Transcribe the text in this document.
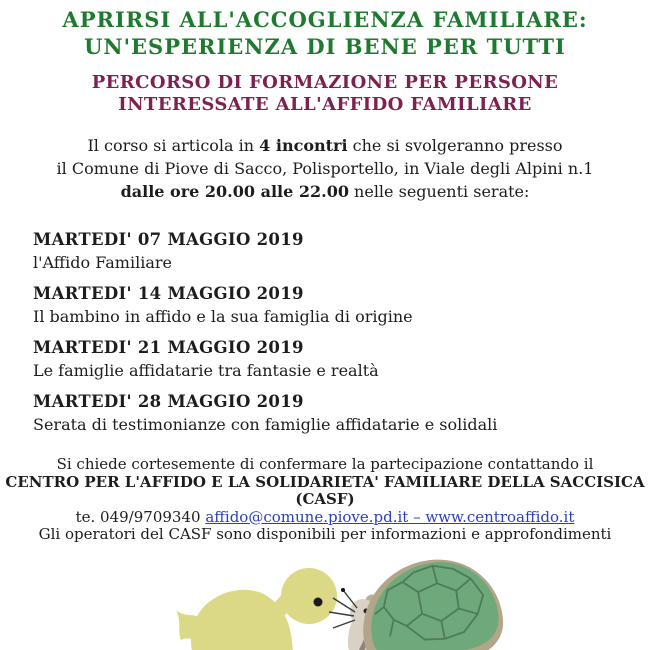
APRIRSI ALL'ACCOGLIENZA FAMILIARE:
UN'ESPERIENZA DI BENE PER TUTTI
PERCORSO DI FORMAZIONE PER PERSONE
INTERESSATE ALL'AFFIDO FAMILIARE

Il corso si articola in 4 incontri che si svolgeranno presso
il Comune di Piove di Sacco, Polisportello, in Viale degli Alpini n.1
dalle ore 20.00 alle 22.00 nelle seguenti serate:

MARTEDI' 07 MAGGIO 2019
l'Affido Familiare
MARTEDI' 14 MAGGIO 2019
Il bambino in affido e la sua famiglia di origine
MARTEDI' 21 MAGGIO 2019
Le famiglie affidatarie tra fantasie e realtà
MARTEDI' 28 MAGGIO 2019
Serata di testimonianze con famiglie affidatarie e solidali
Si chiede cortesemente di confermare la partecipazione contattando il
CENTRO PER L'AFFIDO E LA SOLIDARIETA' FAMILIARE DELLA SACCISICA (CASF)
te. 049/9709340 affido@comune.piove.pd.it – www.centroaffido.it
Gli operatori del CASF sono disponibili per informazioni e approfondimenti
